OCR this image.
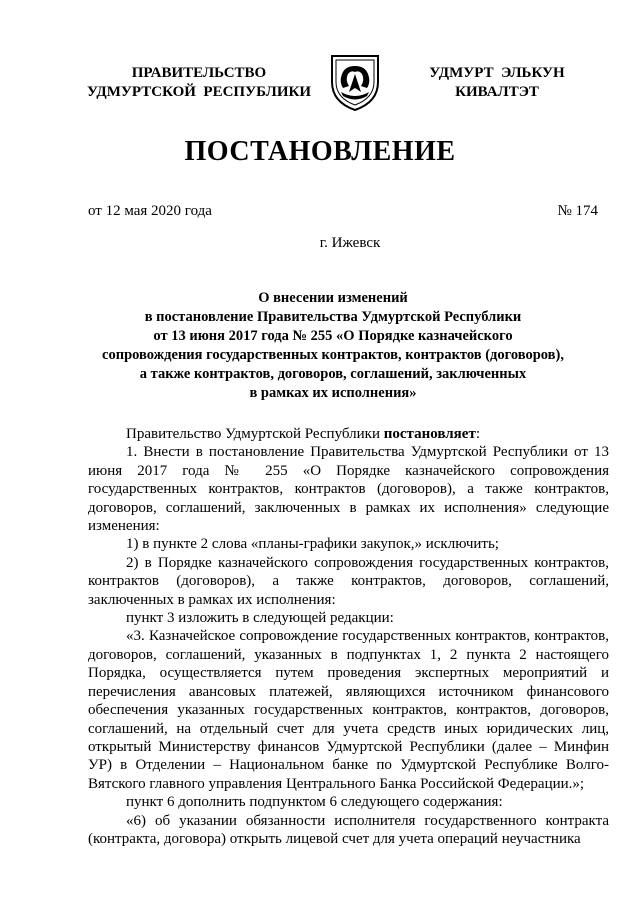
ПРАВИТЕЛЬСТВО
УДМУРТСКОЙ  РЕСПУБЛИКИ
УДМУРТ  ЭЛЬКУН
КИВАЛТЭТ
ПОСТАНОВЛЕНИЕ
от 12 мая 2020 года	№ 174
г. Ижевск
О внесении изменений
в постановление Правительства Удмуртской Республики
от 13 июня 2017 года № 255 «О Порядке казначейского
сопровождения государственных контрактов, контрактов (договоров),
а также контрактов, договоров, соглашений, заключенных
в рамках их исполнения»

Правительство Удмуртской Республики постановляет:

1. Внести в постановление Правительства Удмуртской Республики от 13 июня 2017 года № 255 «О Порядке казначейского сопровождения государственных контрактов, контрактов (договоров), а также контрактов, договоров, соглашений, заключенных в рамках их исполнения» следующие изменения:

1) в пункте 2 слова «планы-графики закупок,» исключить;

2) в Порядке казначейского сопровождения государственных контрактов, контрактов (договоров), а также контрактов, договоров, соглашений, заключенных в рамках их исполнения:

пункт 3 изложить в следующей редакции:

«3. Казначейское сопровождение государственных контрактов, контрактов, договоров, соглашений, указанных в подпунктах 1, 2 пункта 2 настоящего Порядка, осуществляется путем проведения экспертных мероприятий и перечисления авансовых платежей, являющихся источником финансового обеспечения указанных государственных контрактов, контрактов, договоров, соглашений, на отдельный счет для учета средств иных юридических лиц, открытый Министерству финансов Удмуртской Республики (далее – Минфин УР) в Отделении – Национальном банке по Удмуртской Республике Волго-Вятского главного управления Центрального Банка Российской Федерации.»;

пункт 6 дополнить подпунктом 6 следующего содержания:

«6) об указании обязанности исполнителя государственного контракта (контракта, договора) открыть лицевой счет для учета операций неучастника
